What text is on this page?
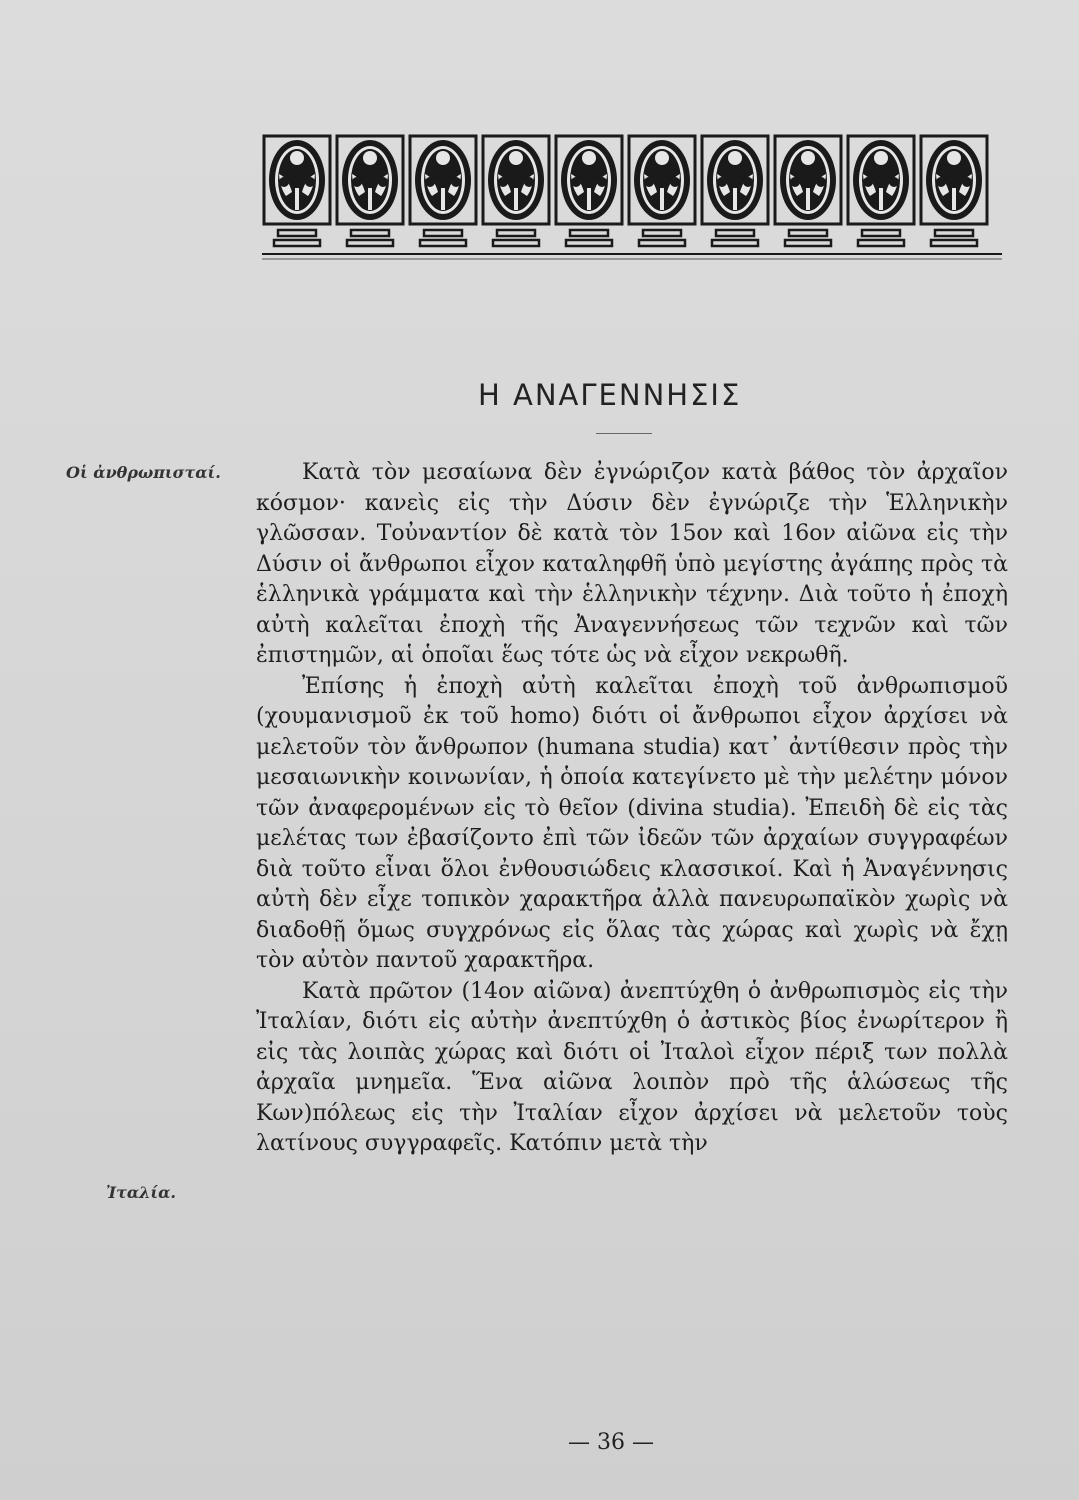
Η ΑΝΑΓΕΝΝΗΣΙΣ
Οἱ ἀνθρωπισταί.
Ἰταλία.

Κατὰ τὸν μεσαίωνα δὲν ἐγνώριζον κατὰ βάθος τὸν ἀρχαῖον κόσμον· κανεὶς εἰς τὴν Δύσιν δὲν ἐγνώριζε τὴν Ἑλληνικὴν γλῶσσαν. Τοὐναντίον δὲ κατὰ τὸν 15ον καὶ 16ον αἰῶνα εἰς τὴν Δύσιν οἱ ἄνθρωποι εἶχον καταληφθῆ ὑπὸ μεγίστης ἀγάπης πρὸς τὰ ἑλληνικὰ γράμματα καὶ τὴν ἑλληνικὴν τέχνην. Διὰ τοῦτο ἡ ἐποχὴ αὐτὴ καλεῖται ἐποχὴ τῆς Ἀναγεννήσεως τῶν τεχνῶν καὶ τῶν ἐπιστημῶν, αἱ ὁποῖαι ἕως τότε ὡς νὰ εἶχον νεκρωθῆ.

Ἐπίσης ἡ ἐποχὴ αὐτὴ καλεῖται ἐποχὴ τοῦ ἀνθρωπισμοῦ (χουμανισμοῦ ἐκ τοῦ homo) διότι οἱ ἄνθρωποι εἶχον ἀρχίσει νὰ μελετοῦν τὸν ἄνθρωπον (humana studia) κατ᾽ ἀντίθεσιν πρὸς τὴν μεσαιωνικὴν κοινωνίαν, ἡ ὁποία κατεγίνετο μὲ τὴν μελέτην μόνον τῶν ἀναφερομένων εἰς τὸ θεῖον (divina studia). Ἐπειδὴ δὲ εἰς τὰς μελέτας των ἐβασίζοντο ἐπὶ τῶν ἰδεῶν τῶν ἀρχαίων συγγραφέων διὰ τοῦτο εἶναι ὅλοι ἐνθουσιώδεις κλασσικοί. Καὶ ἡ Ἀναγέννησις αὐτὴ δὲν εἶχε τοπικὸν χαρακτῆρα ἀλλὰ πανευρωπαϊκὸν χωρὶς νὰ διαδοθῇ ὅμως συγχρόνως εἰς ὅλας τὰς χώρας καὶ χωρὶς νὰ ἔχῃ τὸν αὐτὸν παντοῦ χαρακτῆρα.

Κατὰ πρῶτον (14ον αἰῶνα) ἀνεπτύχθη ὁ ἀνθρωπισμὸς εἰς τὴν Ἰταλίαν, διότι εἰς αὐτὴν ἀνεπτύχθη ὁ ἀστικὸς βίος ἐνωρίτερον ἢ εἰς τὰς λοιπὰς χώρας καὶ διότι οἱ Ἰταλοὶ εἶχον πέριξ των πολλὰ ἀρχαῖα μνημεῖα. Ἕνα αἰῶνα λοιπὸν πρὸ τῆς ἁλώσεως τῆς Κων)πόλεως εἰς τὴν Ἰταλίαν εἶχον ἀρχίσει νὰ μελετοῦν τοὺς λατίνους συγγραφεῖς. Κατόπιν μετὰ τὴν

— 36 —
